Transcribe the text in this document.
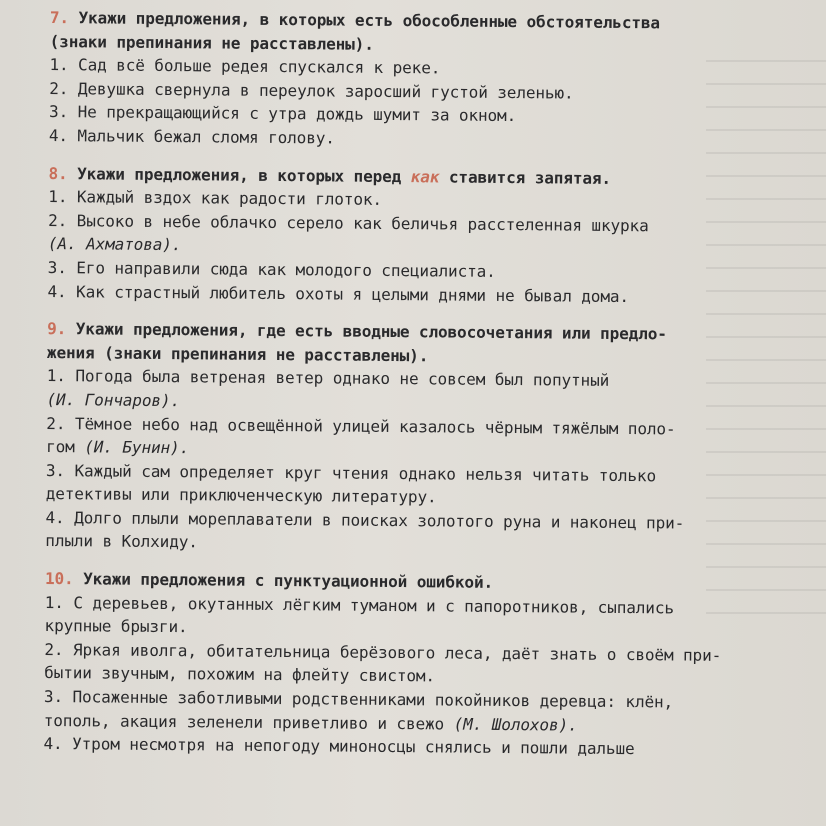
7. Укажи предложения, в которых есть обособленные обстоятельства
(знаки препинания не расставлены).
1. Сад всё больше редея спускался к реке.
2. Девушка свернула в переулок заросший густой зеленью.
3. Не прекращающийся с утра дождь шумит за окном.
4. Мальчик бежал сломя голову.
8. Укажи предложения, в которых перед как ставится запятая.
1. Каждый вздох как радости глоток.
2. Высоко в небе облачко серело как беличья расстеленная шкурка
(А. Ахматова).
3. Его направили сюда как молодого специалиста.
4. Как страстный любитель охоты я целыми днями не бывал дома.
9. Укажи предложения, где есть вводные словосочетания или предло-
жения (знаки препинания не расставлены).
1. Погода была ветреная ветер однако не совсем был попутный
(И. Гончаров).
2. Тёмное небо над освещённой улицей казалось чёрным тяжёлым поло-
гом (И. Бунин).
3. Каждый сам определяет круг чтения однако нельзя читать только
детективы или приключенческую литературу.
4. Долго плыли мореплаватели в поисках золотого руна и наконец при-
плыли в Колхиду.
10. Укажи предложения с пунктуационной ошибкой.
1. С деревьев, окутанных лёгким туманом и с папоротников, сыпались
крупные брызги.
2. Яркая иволга, обитательница берёзового леса, даёт знать о своём при-
бытии звучным, похожим на флейту свистом.
3. Посаженные заботливыми родственниками покойников деревца: клён,
тополь, акация зеленели приветливо и свежо (М. Шолохов).
4. Утром несмотря на непогоду миноносцы снялись и пошли дальше
